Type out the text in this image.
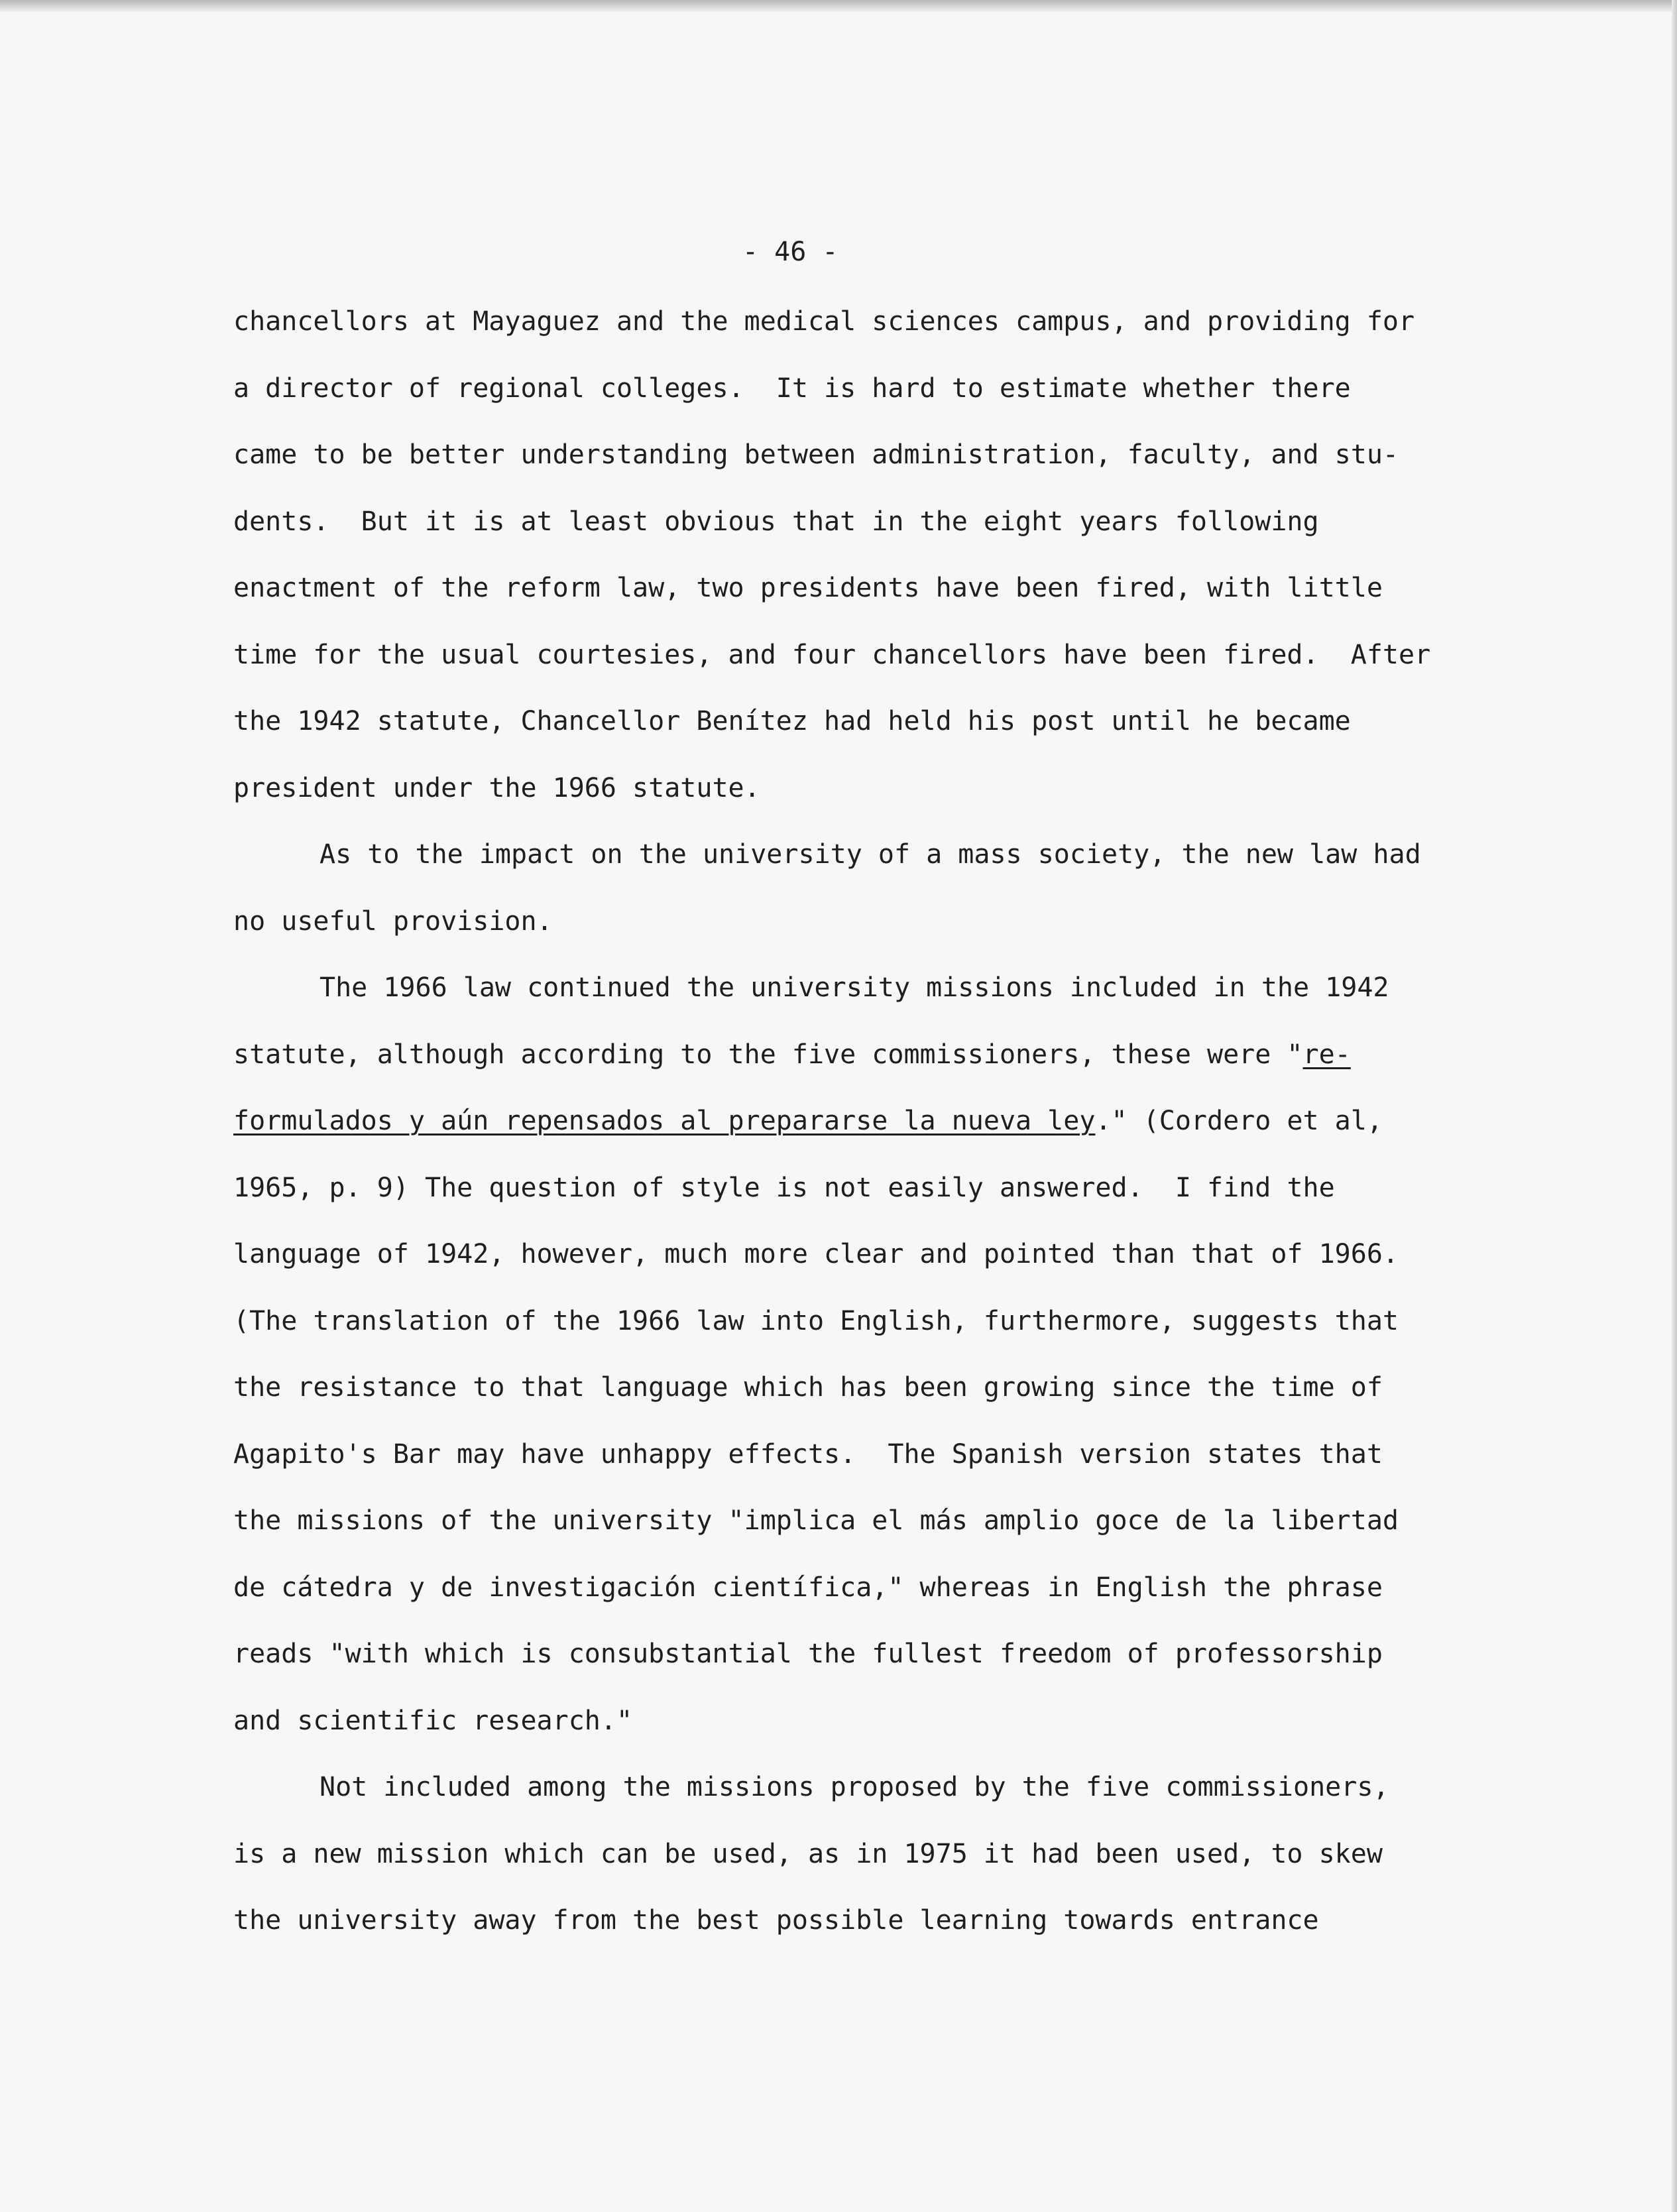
- 46 -
chancellors at Mayaguez and the medical sciences campus, and providing for
a director of regional colleges.  It is hard to estimate whether there
came to be better understanding between administration, faculty, and stu-
dents.  But it is at least obvious that in the eight years following
enactment of the reform law, two presidents have been fired, with little
time for the usual courtesies, and four chancellors have been fired.  After
the 1942 statute, Chancellor Benítez had held his post until he became
president under the 1966 statute.
As to the impact on the university of a mass society, the new law had
no useful provision.
The 1966 law continued the university missions included in the 1942
statute, although according to the five commissioners, these were "re-
formulados y aún repensados al prepararse la nueva ley." (Cordero et al,
1965, p. 9) The question of style is not easily answered.  I find the
language of 1942, however, much more clear and pointed than that of 1966.
(The translation of the 1966 law into English, furthermore, suggests that
the resistance to that language which has been growing since the time of
Agapito's Bar may have unhappy effects.  The Spanish version states that
the missions of the university "implica el más amplio goce de la libertad
de cátedra y de investigación científica," whereas in English the phrase
reads "with which is consubstantial the fullest freedom of professorship
and scientific research."
Not included among the missions proposed by the five commissioners,
is a new mission which can be used, as in 1975 it had been used, to skew
the university away from the best possible learning towards entrance
